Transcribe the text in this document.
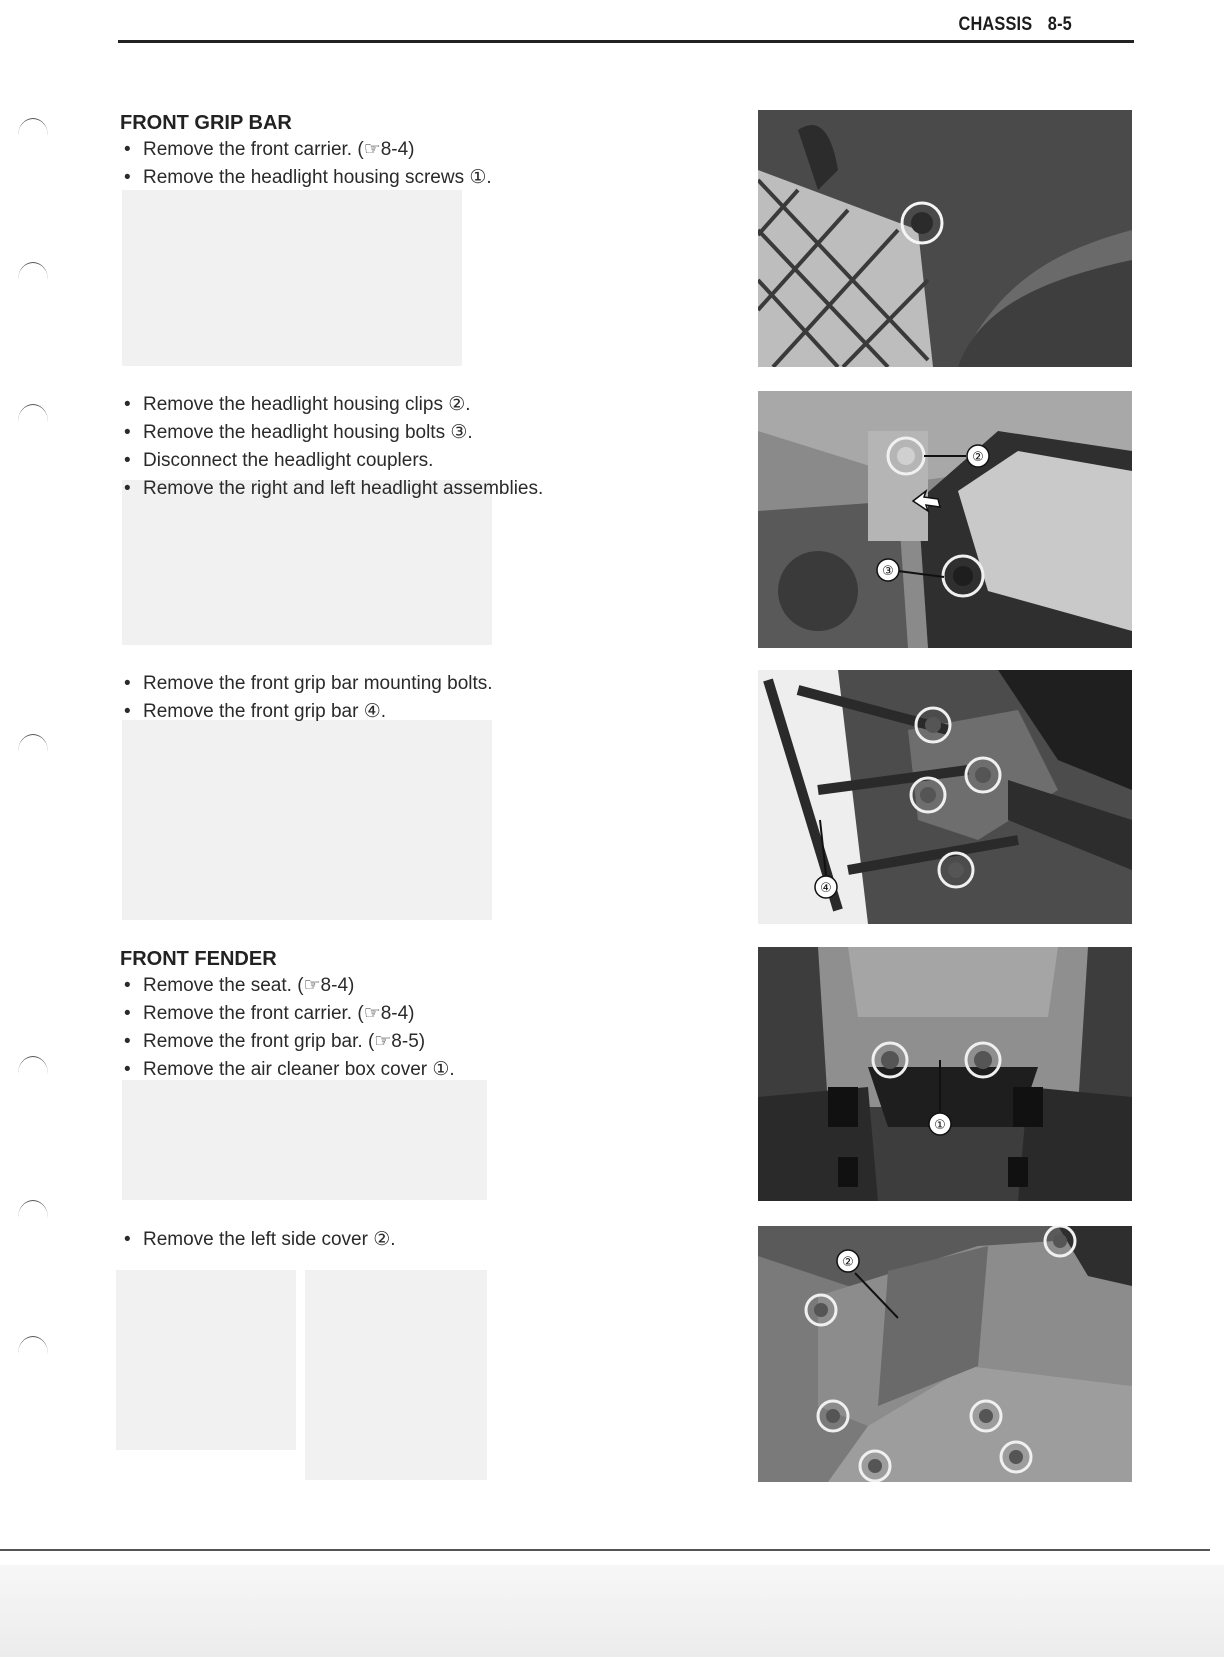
CHASSIS 8-5
FRONT GRIP BAR
• Remove the front carrier. (☞8-4)
• Remove the headlight housing screws ①.
• Remove the headlight housing clips ②.
• Remove the headlight housing bolts ③.
• Disconnect the headlight couplers.
• Remove the right and left headlight assemblies.
• Remove the front grip bar mounting bolts.
• Remove the front grip bar ④.
FRONT FENDER
• Remove the seat. (☞8-4)
• Remove the front carrier. (☞8-4)
• Remove the front grip bar. (☞8-5)
• Remove the air cleaner box cover ①.
• Remove the left side cover ②.
②
③
④
①
②
